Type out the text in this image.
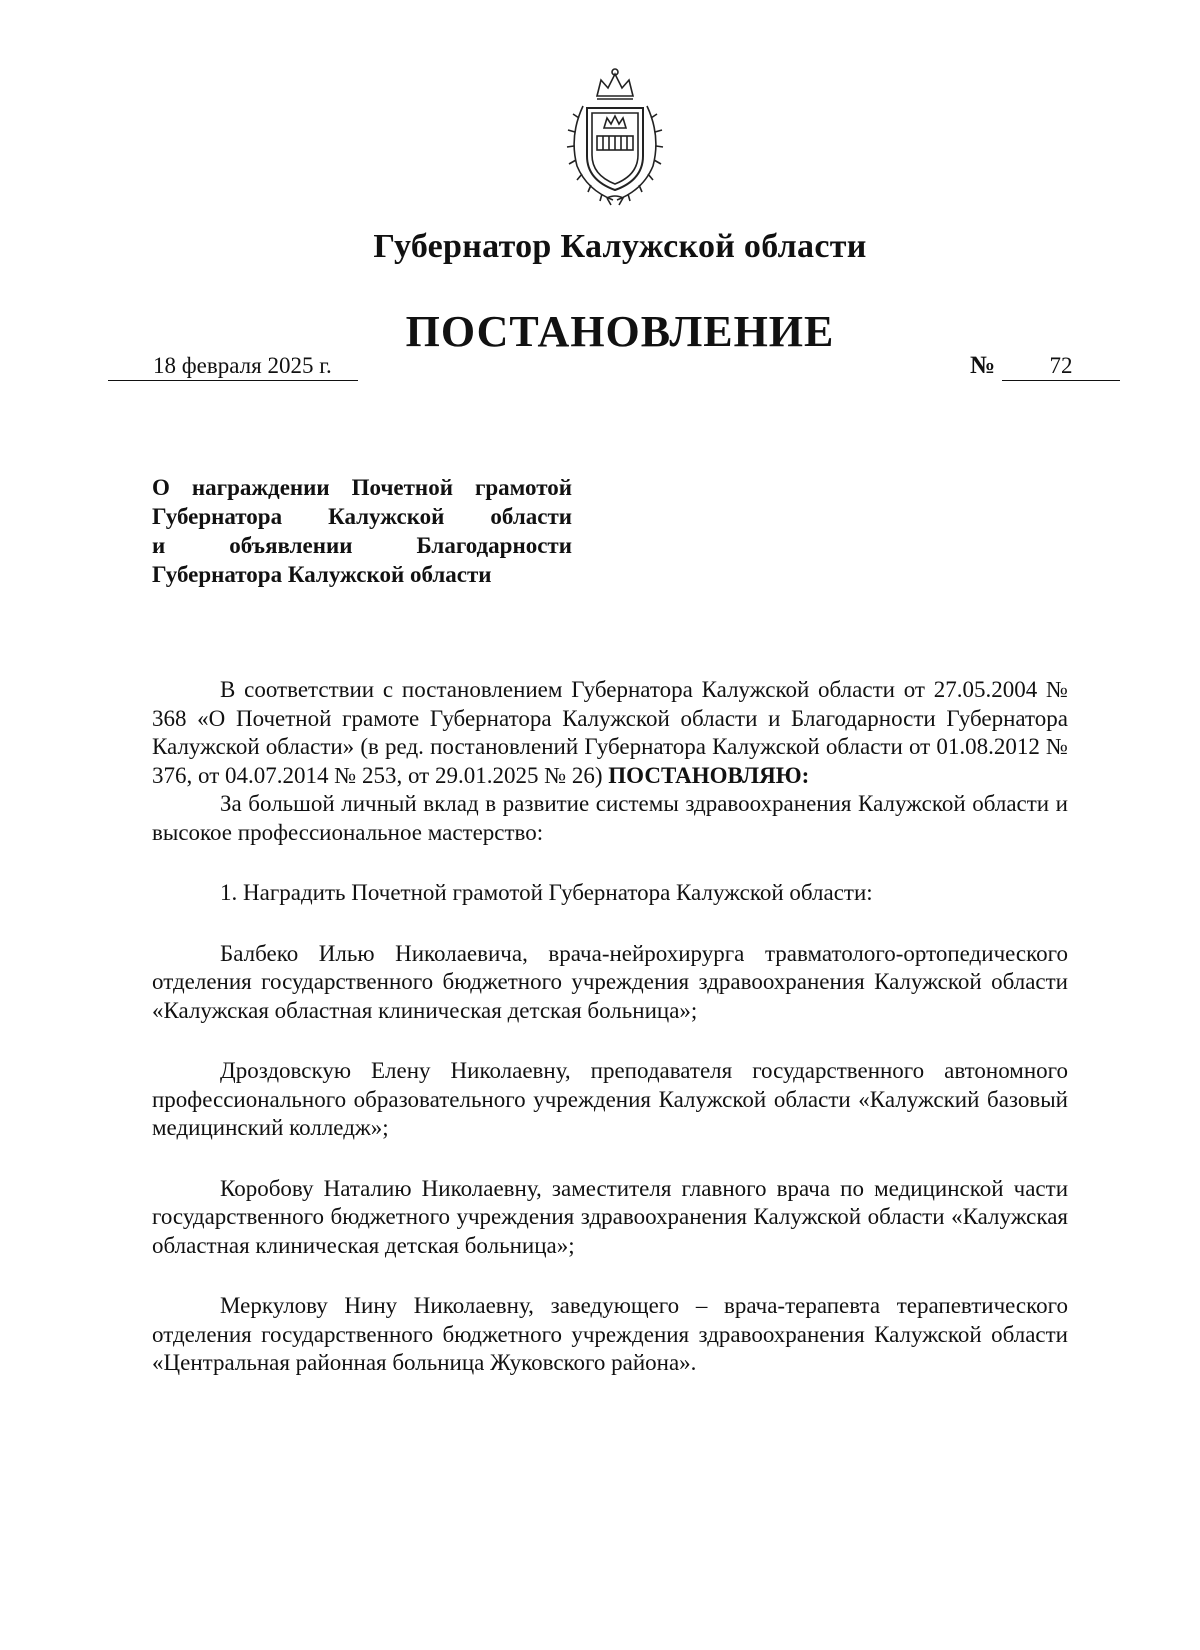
Губернатор Калужской области
ПОСТАНОВЛЕНИЕ
18 февраля 2025 г.	№	72
О награждении Почетной грамотой
Губернатора Калужской области
и объявлении Благодарности
Губернатора Калужской области

В соответствии с постановлением Губернатора Калужской области от 27.05.2004 № 368 «О Почетной грамоте Губернатора Калужской области и Благодарности Губернатора Калужской области» (в ред. постановлений Губернатора Калужской области от 01.08.2012 № 376, от 04.07.2014 № 253, от 29.01.2025 № 26) ПОСТАНОВЛЯЮ:

За большой личный вклад в развитие системы здравоохранения Калужской области и высокое профессиональное мастерство:

1. Наградить Почетной грамотой Губернатора Калужской области:

Балбеко Илью Николаевича, врача-нейрохирурга травматолого-ортопедического отделения государственного бюджетного учреждения здравоохранения Калужской области «Калужская областная клиническая детская больница»;

Дроздовскую Елену Николаевну, преподавателя государственного автономного профессионального образовательного учреждения Калужской области «Калужский базовый медицинский колледж»;

Коробову Наталию Николаевну, заместителя главного врача по медицинской части государственного бюджетного учреждения здравоохранения Калужской области «Калужская областная клиническая детская больница»;

Меркулову Нину Николаевну, заведующего – врача-терапевта терапевтического отделения государственного бюджетного учреждения здравоохранения Калужской области «Центральная районная больница Жуковского района».
